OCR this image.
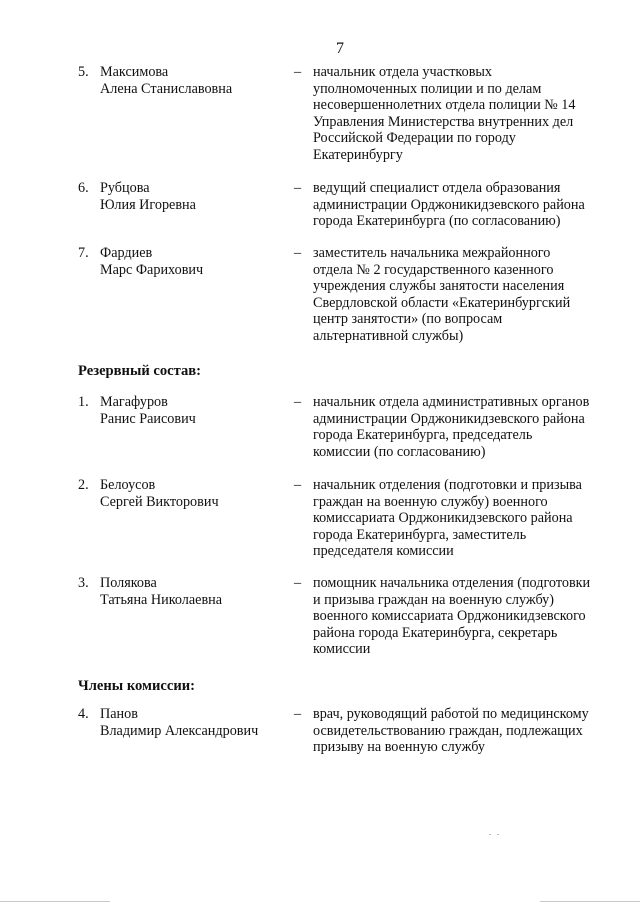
7
5. Максимова
Алена Станиславовна
– начальник отдела участковых
уполномоченных полиции и по делам
несовершеннолетних отдела полиции № 14
Управления Министерства внутренних дел
Российской Федерации по городу
Екатеринбургу
6. Рубцова
Юлия Игоревна
– ведущий специалист отдела образования
администрации Орджоникидзевского района
города Екатеринбурга (по согласованию)
7. Фардиев
Марс Фарихович
– заместитель начальника межрайонного
отдела № 2 государственного казенного
учреждения службы занятости населения
Свердловской области «Екатеринбургский
центр занятости» (по вопросам
альтернативной службы)
Резервный состав:
1. Магафуров
Ранис Раисович
– начальник отдела административных органов
администрации Орджоникидзевского района
города Екатеринбурга, председатель
комиссии (по согласованию)
2. Белоусов
Сергей Викторович
– начальник отделения (подготовки и призыва
граждан на военную службу) военного
комиссариата Орджоникидзевского района
города Екатеринбурга, заместитель
председателя комиссии
3. Полякова
Татьяна Николаевна
– помощник начальника отделения (подготовки
и призыва граждан на военную службу)
военного комиссариата Орджоникидзевского
района города Екатеринбурга, секретарь
комиссии
Члены комиссии:
4. Панов
Владимир Александрович
– врач, руководящий работой по медицинскому
освидетельствованию граждан, подлежащих
призыву на военную службу
